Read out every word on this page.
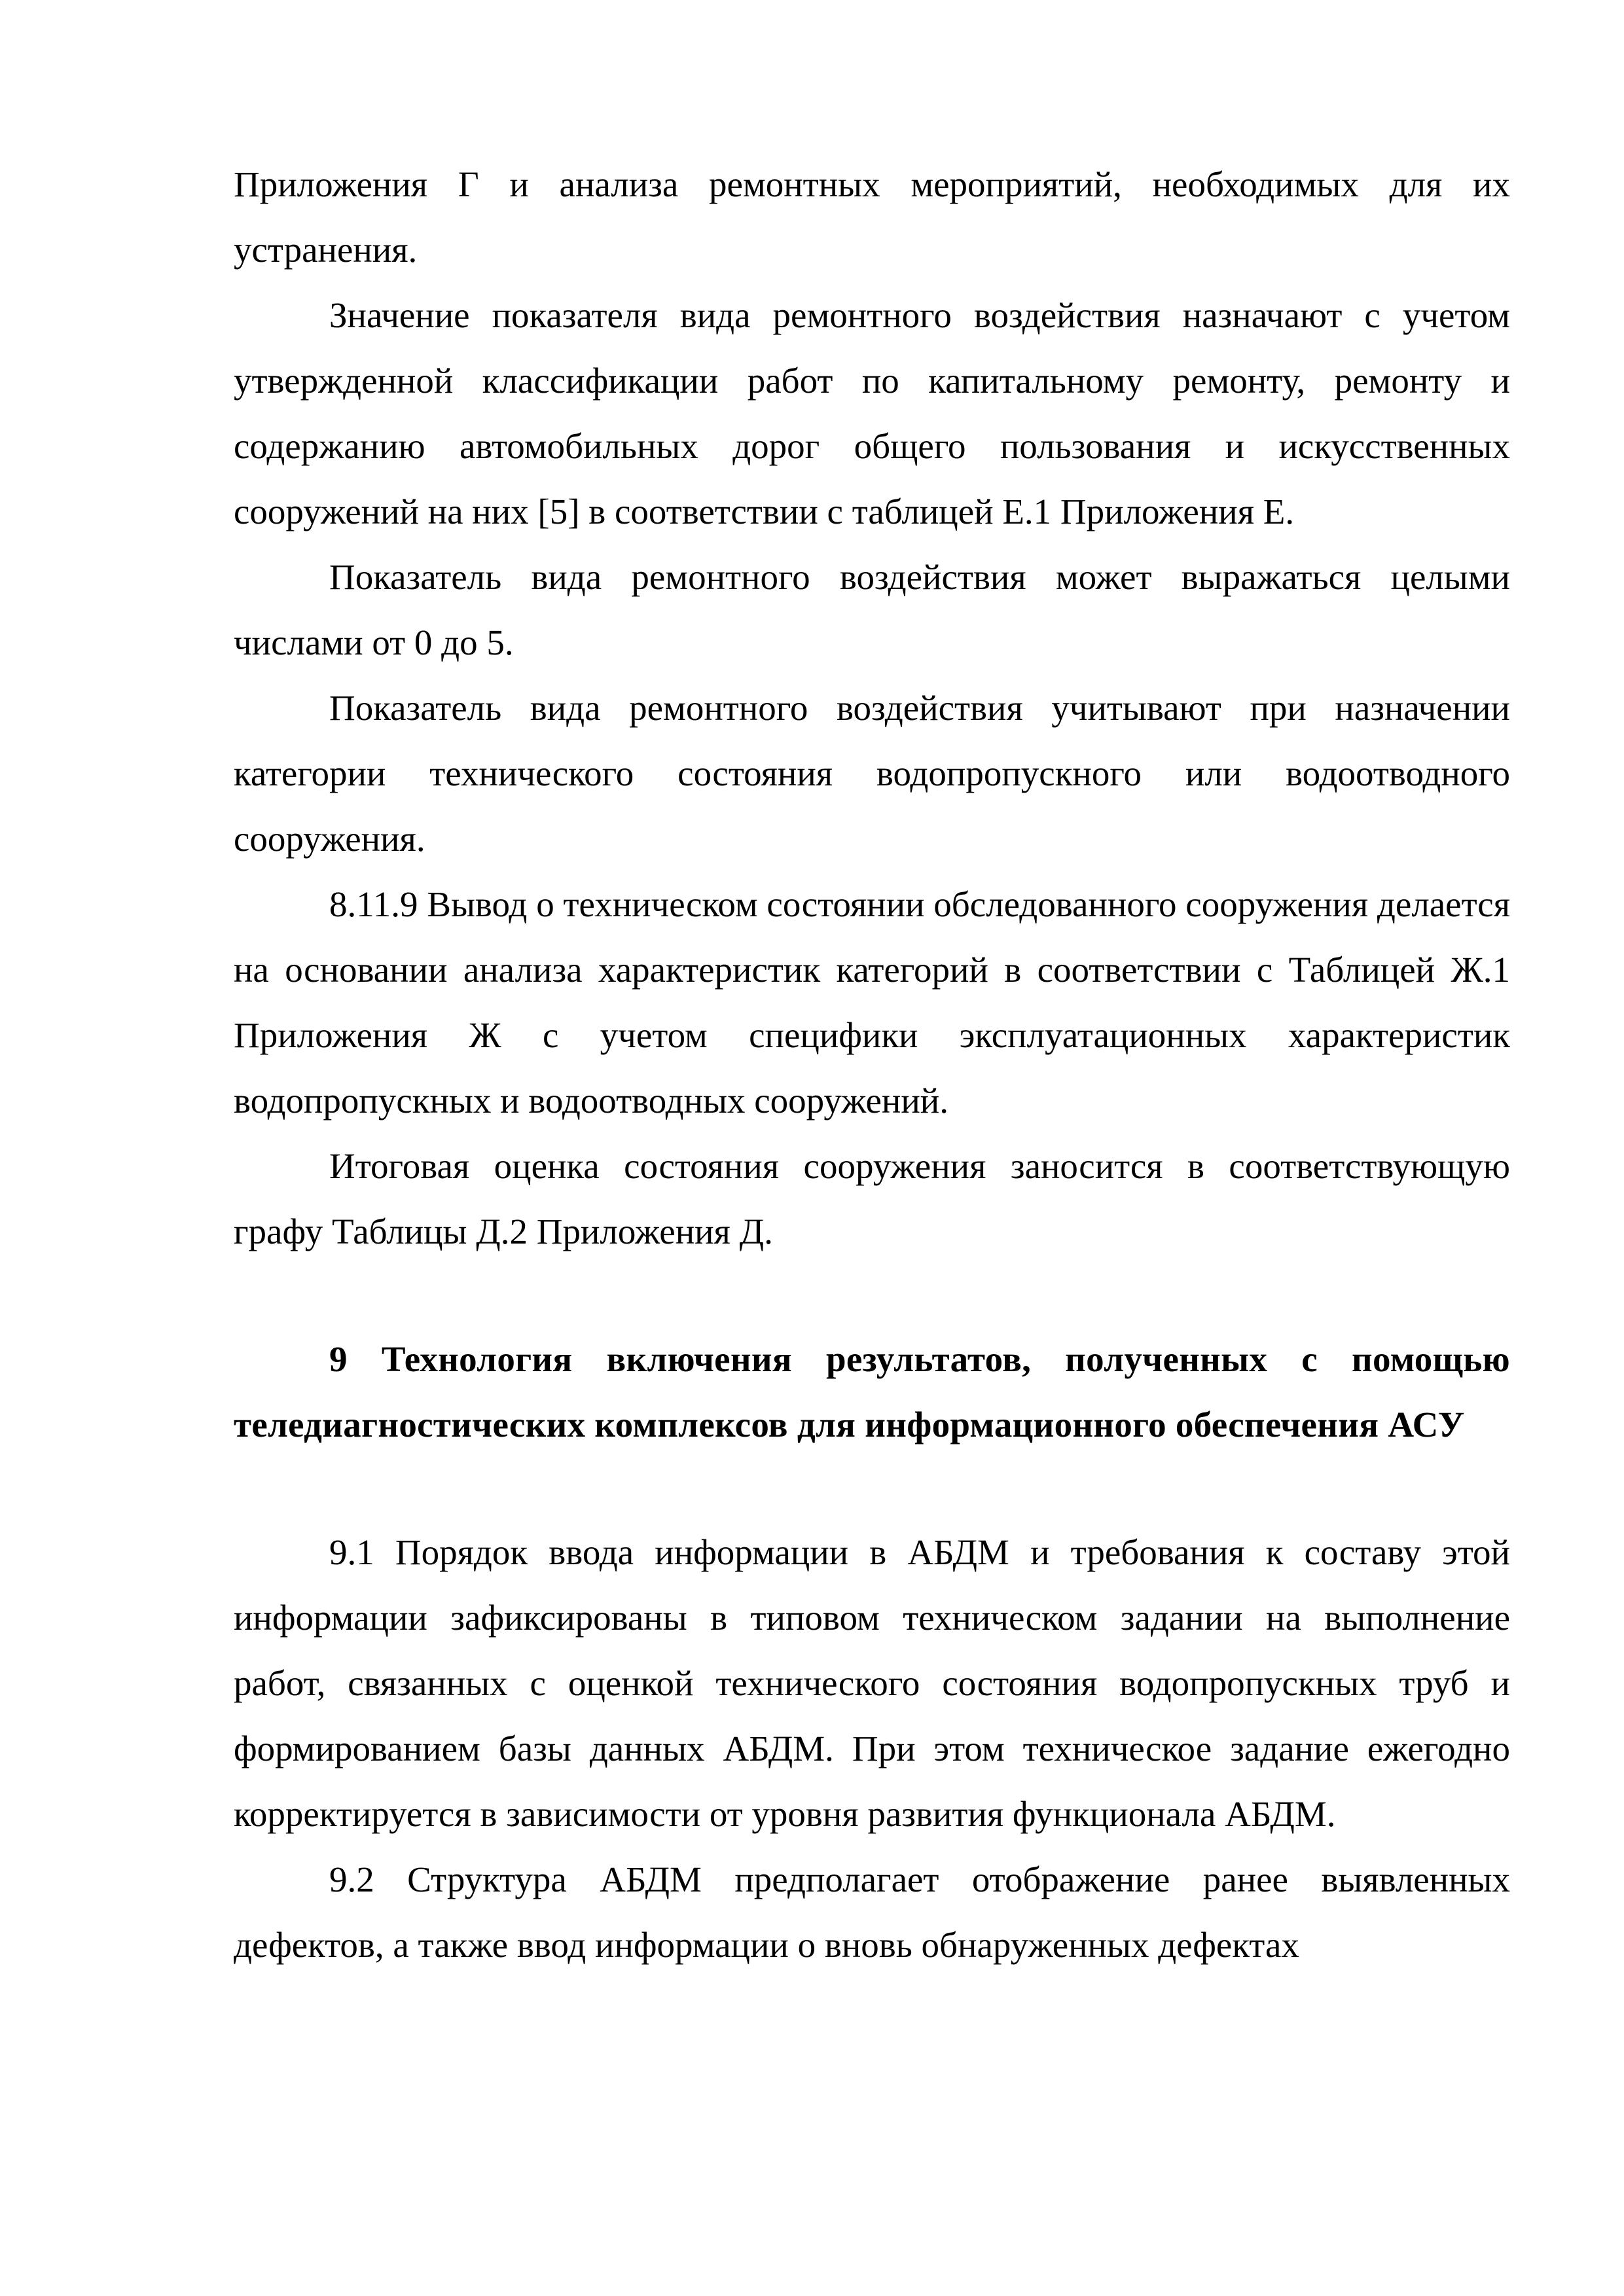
Приложения Г и анализа ремонтных мероприятий, необходимых для их устранения.

Значение показателя вида ремонтного воздействия назначают с учетом утвержденной классификации работ по капитальному ремонту, ремонту и содержанию автомобильных дорог общего пользования и искусственных сооружений на них [5] в соответствии с таблицей Е.1 Приложения Е.

Показатель вида ремонтного воздействия может выражаться целыми числами от 0 до 5.

Показатель вида ремонтного воздействия учитывают при назначении категории технического состояния водопропускного или водоотводного сооружения.

8.11.9 Вывод о техническом состоянии обследованного сооружения делается на основании анализа характеристик категорий в соответствии с Таблицей Ж.1 Приложения Ж с учетом специфики эксплуатационных характеристик водопропускных и водоотводных сооружений.

Итоговая оценка состояния сооружения заносится в соответствующую графу Таблицы Д.2 Приложения Д.

9 Технология включения результатов, полученных с помощью теледиагностических комплексов для информационного обеспечения АСУ

9.1 Порядок ввода информации в АБДМ и требования к составу этой информации зафиксированы в типовом техническом задании на выполнение работ, связанных с оценкой технического состояния водопропускных труб и формированием базы данных АБДМ. При этом техническое задание ежегодно корректируется в зависимости от уровня развития функционала АБДМ.

9.2 Структура АБДМ предполагает отображение ранее выявленных дефектов, а также ввод информации о вновь обнаруженных дефектах
